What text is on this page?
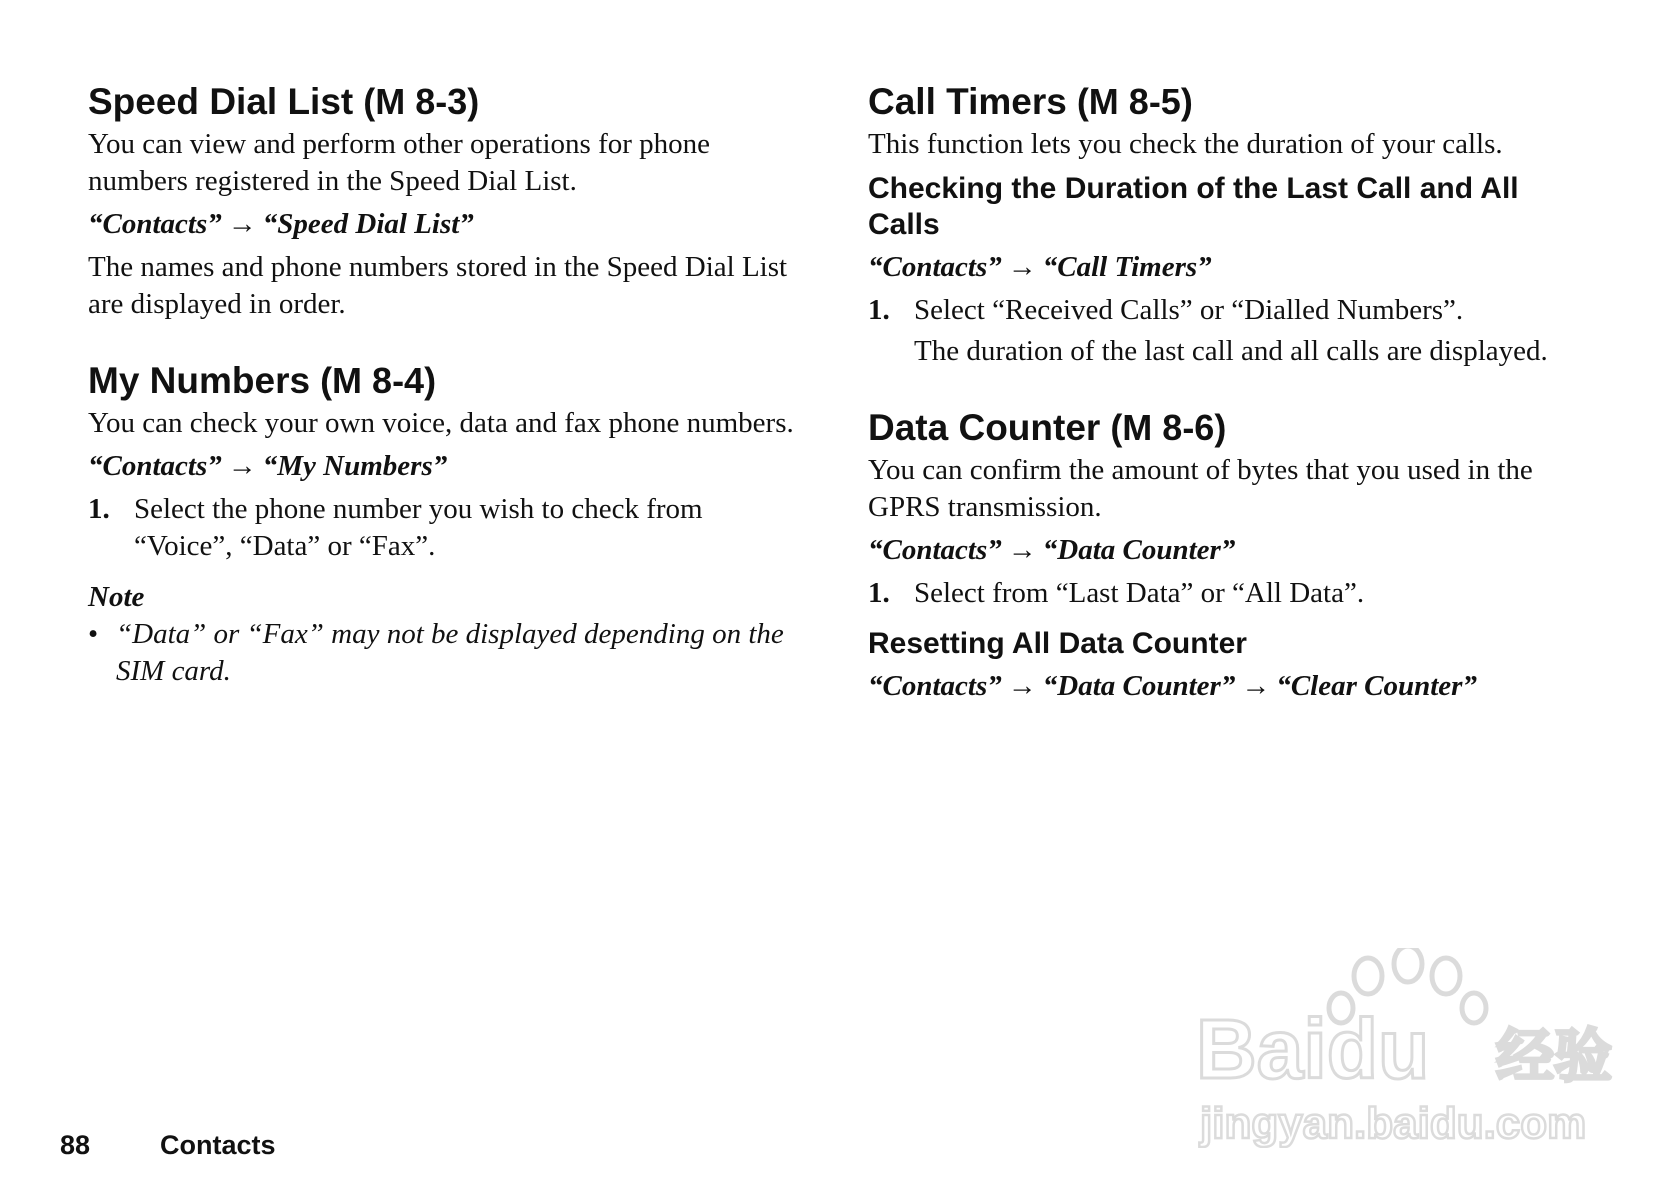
Speed Dial List (M 8-3)

You can view and perform other operations for phone numbers registered in the Speed Dial List.

“Contacts” → “Speed Dial List”

The names and phone numbers stored in the Speed Dial List are displayed in order.

My Numbers (M 8-4)

You can check your own voice, data and fax phone numbers.

“Contacts” → “My Numbers”

1. Select the phone number you wish to check from “Voice”, “Data” or “Fax”.

Note

• “Data” or “Fax” may not be displayed depending on the SIM card.
Call Timers (M 8-5)

This function lets you check the duration of your calls.

Checking the Duration of the Last Call and All Calls

“Contacts” → “Call Timers”

1. Select “Received Calls” or “Dialled Numbers”.

The duration of the last call and all calls are displayed.

Data Counter (M 8-6)

You can confirm the amount of bytes that you used in the GPRS transmission.

“Contacts” → “Data Counter”

1. Select from “Last Data” or “All Data”.
Resetting All Data Counter

“Contacts” → “Data Counter” → “Clear Counter”

Baidu 经验
jingyan.baidu.com
88	Contacts
